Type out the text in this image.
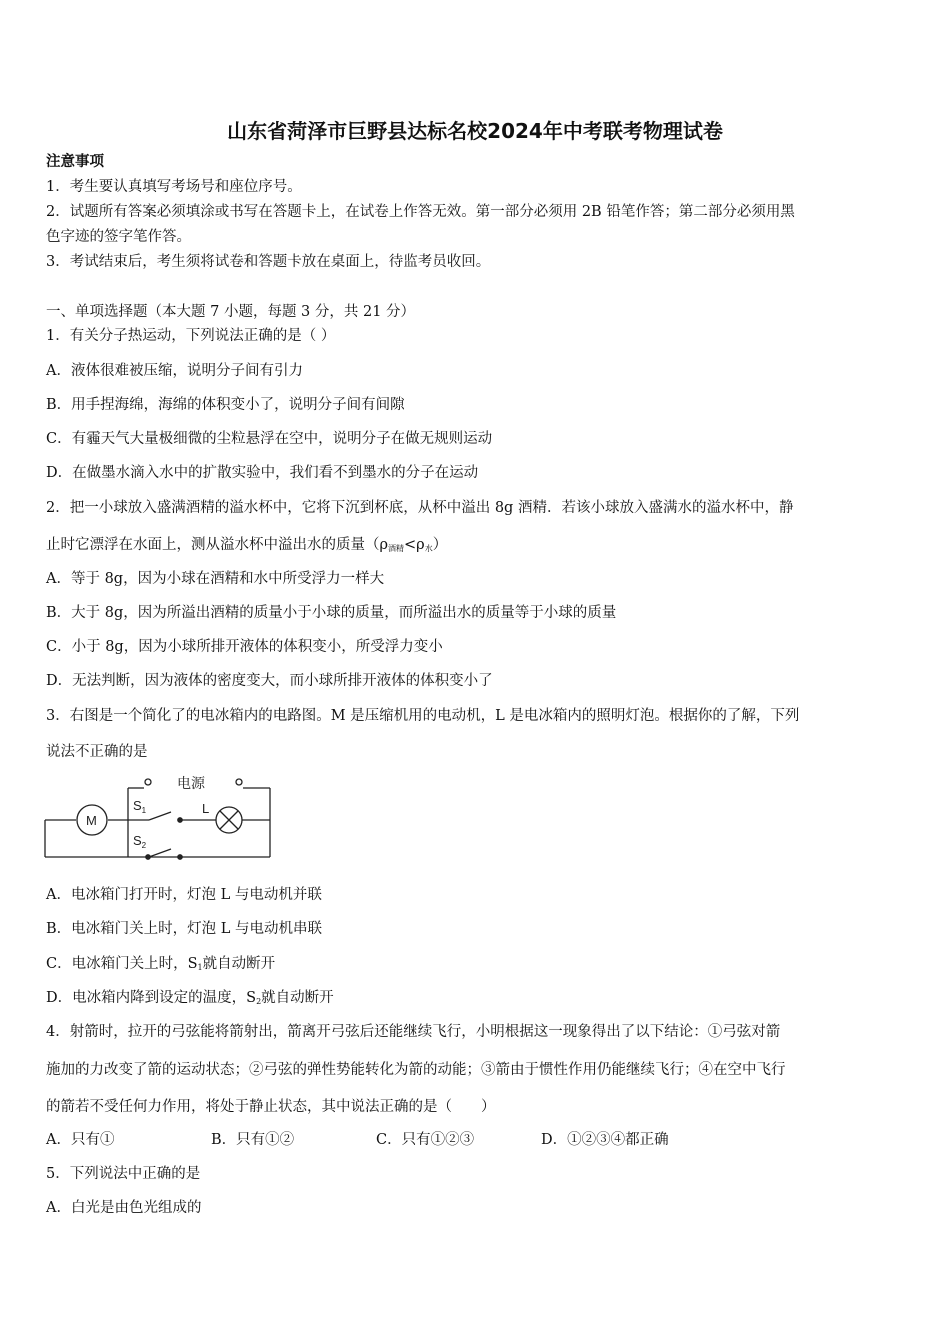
山东省菏泽市巨野县达标名校2024年中考联考物理试卷
注意事项
1．考生要认真填写考场号和座位序号。
2．试题所有答案必须填涂或书写在答题卡上，在试卷上作答无效。第一部分必须用 2B 铅笔作答；第二部分必须用黑
色字迹的签字笔作答。
3．考试结束后，考生须将试卷和答题卡放在桌面上，待监考员收回。
一、单项选择题（本大题 7 小题，每题 3 分，共 21 分）
1．有关分子热运动，下列说法正确的是（ ）
A．液体很难被压缩，说明分子间有引力
B．用手捏海绵，海绵的体积变小了，说明分子间有间隙
C．有霾天气大量极细微的尘粒悬浮在空中，说明分子在做无规则运动
D．在做墨水滴入水中的扩散实验中，我们看不到墨水的分子在运动
2．把一小球放入盛满酒精的溢水杯中，它将下沉到杯底，从杯中溢出 8g 酒精．若该小球放入盛满水的溢水杯中，静
止时它漂浮在水面上，测从溢水杯中溢出水的质量$(\rho_{酒精}<\rho_水)$
A．等于 8g，因为小球在酒精和水中所受浮力一样大
B．大于 8g，因为所溢出酒精的质量小于小球的质量，而所溢出水的质量等于小球的质量
C．小于 8g，因为小球所排开液体的体积变小，所受浮力变小
D．无法判断，因为液体的密度变大，而小球所排开液体的体积变小了
3．右图是一个简化了的电冰箱内的电路图。M 是压缩机用的电动机，L 是电冰箱内的照明灯泡。根据你的了解，下列
说法不正确的是
电源
M
$S_1$	L
$S_2$
A．电冰箱门打开时，灯泡 L 与电动机并联
B．电冰箱门关上时，灯泡 L 与电动机串联
C．电冰箱门关上时，$S_1$就自动断开
D．电冰箱内降到设定的温度，$S_2$就自动断开
4．射箭时，拉开的弓弦能将箭射出，箭离开弓弦后还能继续飞行，小明根据这一现象得出了以下结论：①弓弦对箭
施加的力改变了箭的运动状态；②弓弦的弹性势能转化为箭的动能；③箭由于惯性作用仍能继续飞行；④在空中飞行
的箭若不受任何力作用，将处于静止状态，其中说法正确的是（　　）
A．只有①	B．只有①②	C．只有①②③	D．①②③④都正确
5．下列说法中正确的是
A．白光是由色光组成的
